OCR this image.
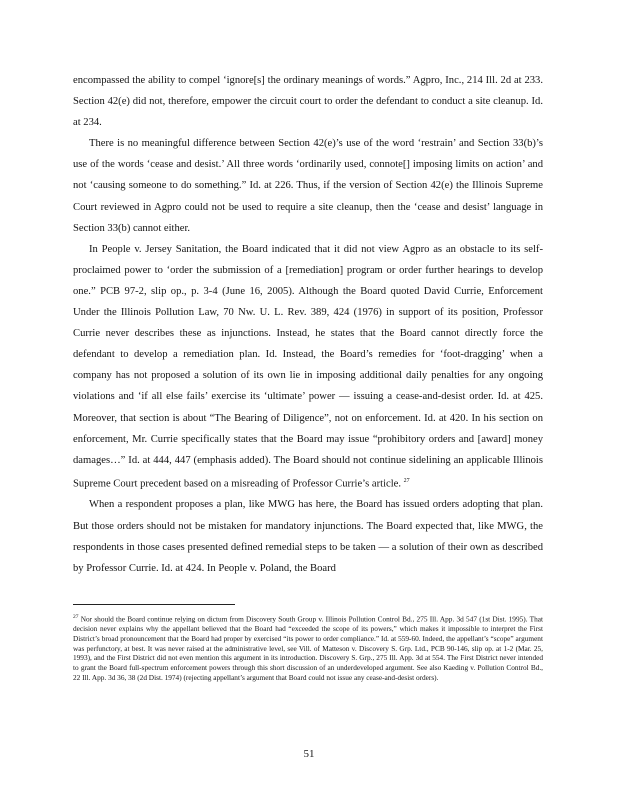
encompassed the ability to compel ‘ignore[s] the ordinary meanings of words.” Agpro, Inc., 214 Ill. 2d at 233. Section 42(e) did not, therefore, empower the circuit court to order the defendant to conduct a site cleanup. Id. at 234.

There is no meaningful difference between Section 42(e)’s use of the word ‘restrain’ and Section 33(b)’s use of the words ‘cease and desist.’ All three words ‘ordinarily used, connote[] imposing limits on action’ and not ‘causing someone to do something.” Id. at 226. Thus, if the version of Section 42(e) the Illinois Supreme Court reviewed in Agpro could not be used to require a site cleanup, then the ‘cease and desist’ language in Section 33(b) cannot either.

In People v. Jersey Sanitation, the Board indicated that it did not view Agpro as an obstacle to its self-proclaimed power to ‘order the submission of a [remediation] program or order further hearings to develop one.” PCB 97-2, slip op., p. 3-4 (June 16, 2005). Although the Board quoted David Currie, Enforcement Under the Illinois Pollution Law, 70 Nw. U. L. Rev. 389, 424 (1976) in support of its position, Professor Currie never describes these as injunctions. Instead, he states that the Board cannot directly force the defendant to develop a remediation plan. Id. Instead, the Board’s remedies for ‘foot-dragging’ when a company has not proposed a solution of its own lie in imposing additional daily penalties for any ongoing violations and ‘if all else fails’ exercise its ‘ultimate’ power — issuing a cease-and-desist order. Id. at 425. Moreover, that section is about “The Bearing of Diligence”, not on enforcement. Id. at 420. In his section on enforcement, Mr. Currie specifically states that the Board may issue “prohibitory orders and [award] money damages…” Id. at 444, 447 (emphasis added). The Board should not continue sidelining an applicable Illinois Supreme Court precedent based on a misreading of Professor Currie’s article. $^{27}$

When a respondent proposes a plan, like MWG has here, the Board has issued orders adopting that plan. But those orders should not be mistaken for mandatory injunctions. The Board expected that, like MWG, the respondents in those cases presented defined remedial steps to be taken — a solution of their own as described by Professor Currie. Id. at 424. In People v. Poland, the Board

$^{27}$ Nor should the Board continue relying on dictum from Discovery South Group v. Illinois Pollution Control Bd., 275 Ill. App. 3d 547 (1st Dist. 1995). That decision never explains why the appellant believed that the Board had “exceeded the scope of its powers,” which makes it impossible to interpret the First District’s broad pronouncement that the Board had proper by exercised “its power to order compliance.” Id. at 559-60. Indeed, the appellant’s “scope” argument was perfunctory, at best. It was never raised at the administrative level, see Vill. of Matteson v. Discovery S. Grp. Ltd., PCB 90-146, slip op. at 1-2 (Mar. 25, 1993), and the First District did not even mention this argument in its introduction. Discovery S. Grp., 275 Ill. App. 3d at 554. The First District never intended to grant the Board full-spectrum enforcement powers through this short discussion of an underdeveloped argument. See also Kaeding v. Pollution Control Bd., 22 Ill. App. 3d 36, 38 (2d Dist. 1974) (rejecting appellant’s argument that Board could not issue any cease-and-desist orders).

51
